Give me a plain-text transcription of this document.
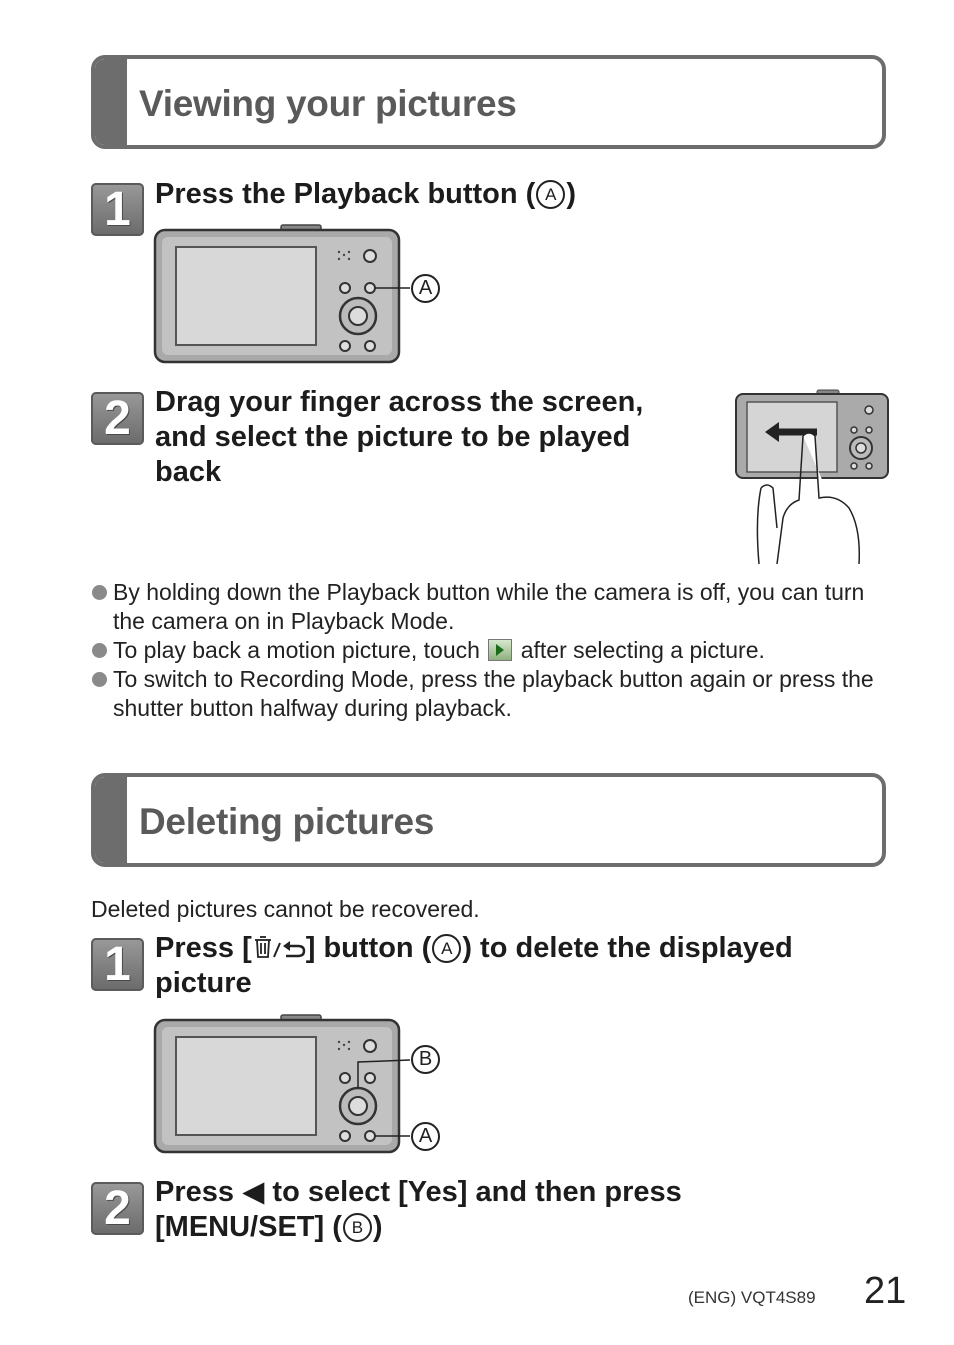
Viewing your pictures
1 Press the Playback button ( A )
A
2 Drag your finger across the screen,
and select the picture to be played
back
By holding down the Playback button while the camera is off, you can turn the camera on in Playback Mode.
To play back a motion picture, touch after selecting a picture.
To switch to Recording Mode, press the playback button again or press the shutter button halfway during playback.
Deleting pictures
Deleted pictures cannot be recovered.
1 Press [ ] button ( A ) to delete the displayed
picture
B
A
2 Press ◀ to select [Yes] and then press
[MENU/SET] ( B )
(ENG) VQT4S89 21
